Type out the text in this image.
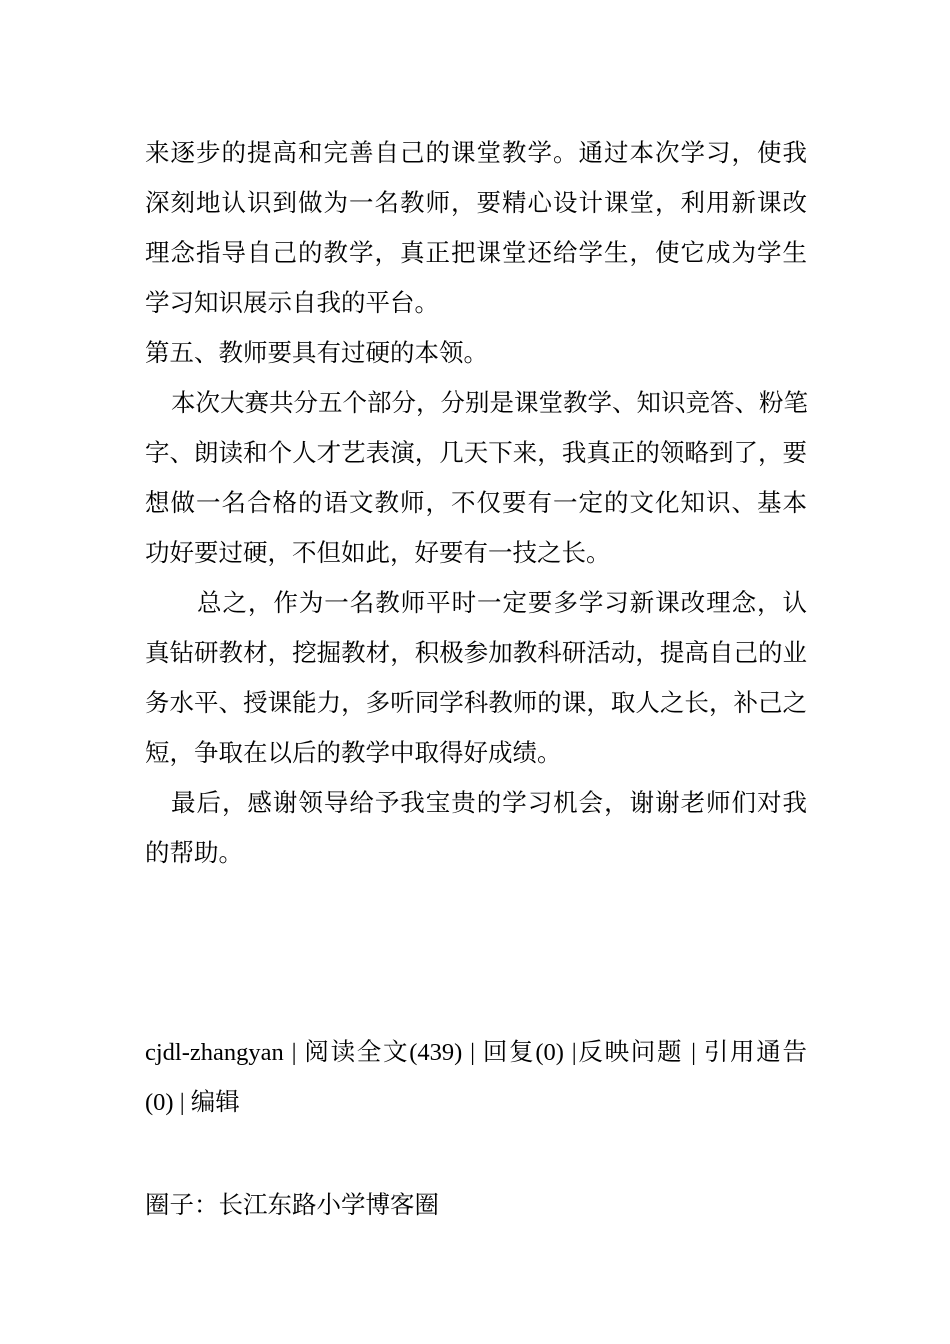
来逐步的提高和完善自己的课堂教学。通过本次学习，使我
深刻地认识到做为一名教师，要精心设计课堂，利用新课改
理念指导自己的教学，真正把课堂还给学生，使它成为学生
学习知识展示自我的平台。
第五、教师要具有过硬的本领。
本次大赛共分五个部分，分别是课堂教学、知识竞答、粉笔
字、朗读和个人才艺表演，几天下来，我真正的领略到了，要
想做一名合格的语文教师，不仅要有一定的文化知识、基本
功好要过硬，不但如此，好要有一技之长。
总之，作为一名教师平时一定要多学习新课改理念，认
真钻研教材，挖掘教材，积极参加教科研活动，提高自己的业
务水平、授课能力，多听同学科教师的课，取人之长，补己之
短，争取在以后的教学中取得好成绩。
最后，感谢领导给予我宝贵的学习机会，谢谢老师们对我
的帮助。
cjdl-zhangyan | 阅读全文(439) | 回复(0) |反映问题 | 引用通告
(0) | 编辑
圈子：长江东路小学博客圈
